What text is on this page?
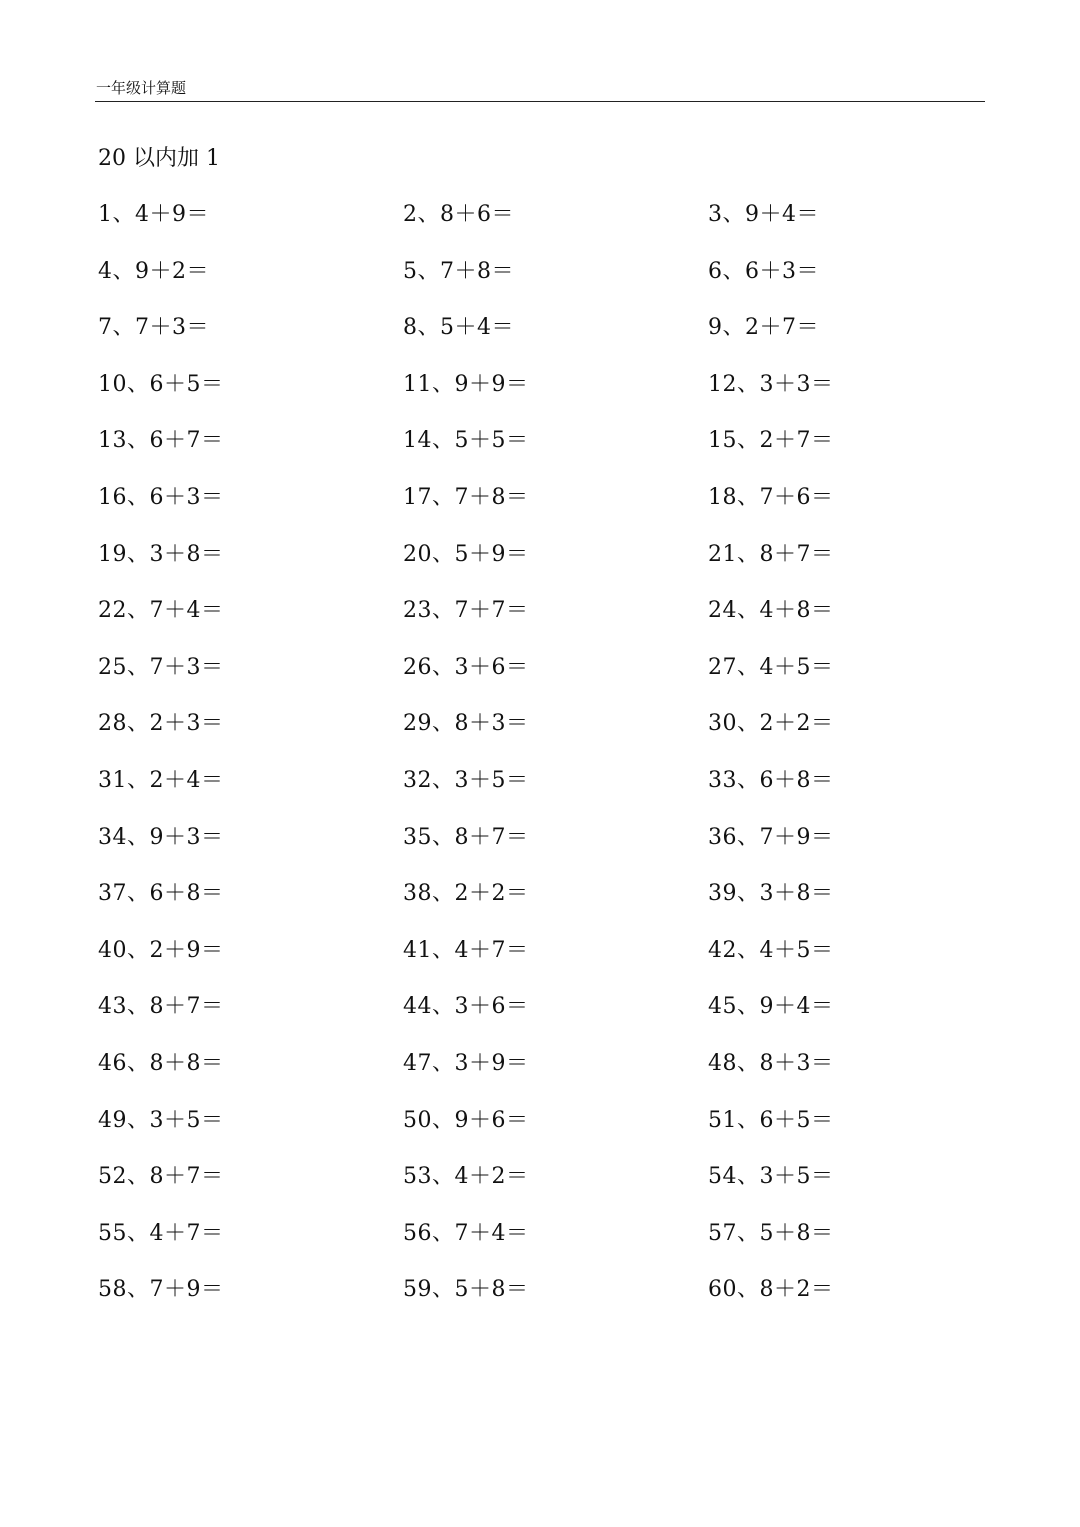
一年级计算题
20 以内加 1
1、4＋9＝	2、8＋6＝	3、9＋4＝
4、9＋2＝	5、7＋8＝	6、6＋3＝
7、7＋3＝	8、5＋4＝	9、2＋7＝
10、6＋5＝	11、9＋9＝	12、3＋3＝
13、6＋7＝	14、5＋5＝	15、2＋7＝
16、6＋3＝	17、7＋8＝	18、7＋6＝
19、3＋8＝	20、5＋9＝	21、8＋7＝
22、7＋4＝	23、7＋7＝	24、4＋8＝
25、7＋3＝	26、3＋6＝	27、4＋5＝
28、2＋3＝	29、8＋3＝	30、2＋2＝
31、2＋4＝	32、3＋5＝	33、6＋8＝
34、9＋3＝	35、8＋7＝	36、7＋9＝
37、6＋8＝	38、2＋2＝	39、3＋8＝
40、2＋9＝	41、4＋7＝	42、4＋5＝
43、8＋7＝	44、3＋6＝	45、9＋4＝
46、8＋8＝	47、3＋9＝	48、8＋3＝
49、3＋5＝	50、9＋6＝	51、6＋5＝
52、8＋7＝	53、4＋2＝	54、3＋5＝
55、4＋7＝	56、7＋4＝	57、5＋8＝
58、7＋9＝	59、5＋8＝	60、8＋2＝
